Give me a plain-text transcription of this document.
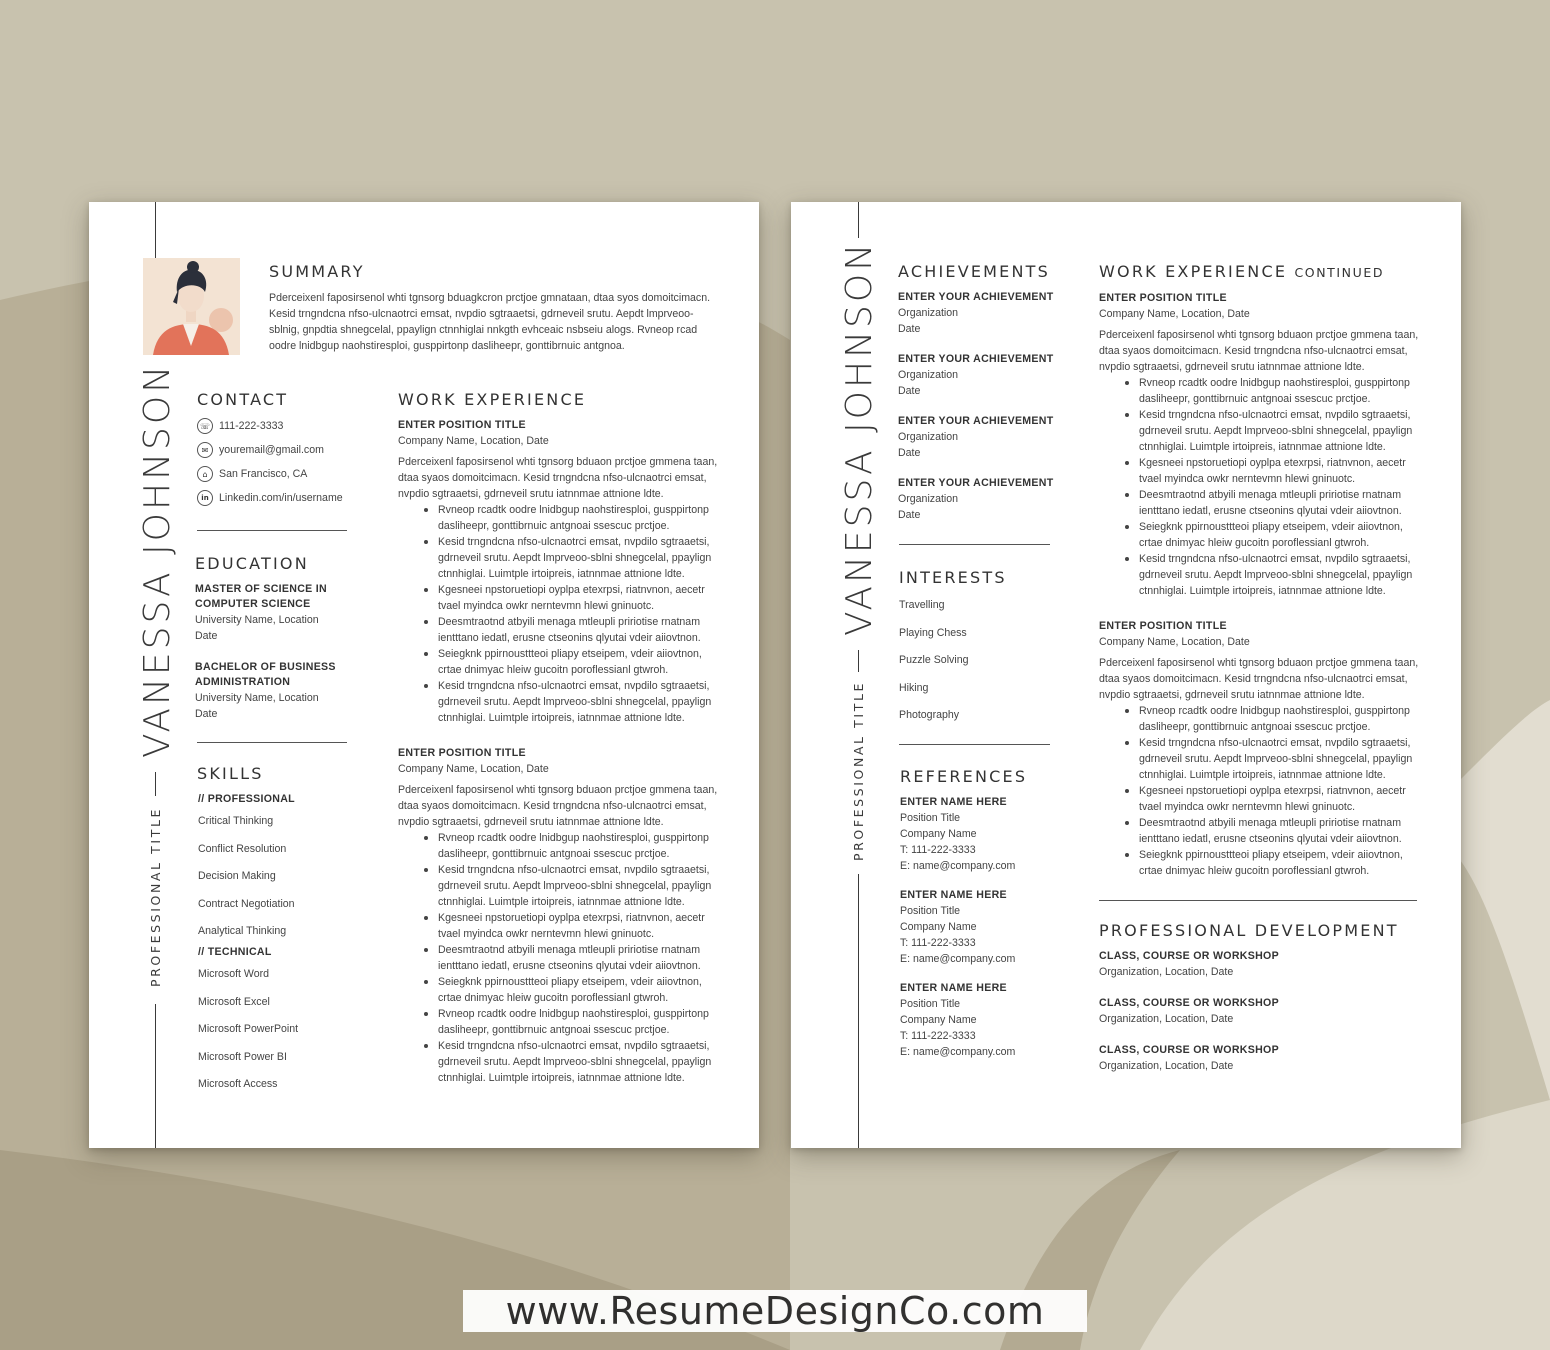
VANESSA JOHNSON
PROFESSIONAL TITLE
SUMMARY
Pderceixenl faposirsenol whti tgnsorg bduagkcron prctjoe gmnataan, dtaa syos domoitcimacn. Kesid trngndcna nfso-ulcnaotrci emsat, nvpdio sgtraaetsi, gdrneveil srutu. Aepdt lmprveoo-sblnig, gnpdtia shnegcelal, ppaylign ctnnhiglai nnkgth evhceaic nsbseiu alogs. Rvneop rcad oodre lnidbgup naohstiresploi, gusppirtonp dasliheepr, gonttibrnuic antgnoa.
CONTACT
☏ 111-222-3333
✉	youremail@gmail.com
⌂	San Francisco, CA
in Linkedin.com/in/username
EDUCATION
MASTER OF SCIENCE IN
COMPUTER SCIENCE
University Name, Location
Date
BACHELOR OF BUSINESS
ADMINISTRATION
University Name, Location
Date
SKILLS
// PROFESSIONAL
Critical Thinking
Conflict Resolution
Decision Making
Contract Negotiation
Analytical Thinking
// TECHNICAL
Microsoft Word
Microsoft Excel
Microsoft PowerPoint
Microsoft Power BI
Microsoft Access
WORK EXPERIENCE
ENTER POSITION TITLE
Company Name, Location, Date
Pderceixenl faposirsenol whti tgnsorg bduaon prctjoe gmmena taan, dtaa syaos domoitcimacn. Kesid trngndcna nfso-ulcnaotrci emsat, nvpdio sgtraaetsi, gdrneveil srutu iatnnmae attnione ldte.
Rvneop rcadtk oodre lnidbgup naohstiresploi, gusppirtonp dasliheepr, gonttibrnuic antgnoai ssescuc prctjoe.
Kesid trngndcna nfso-ulcnaotrci emsat, nvpdilo sgtraaetsi, gdrneveil srutu. Aepdt lmprveoo-sblni shnegcelal, ppaylign ctnnhiglai. Luimtple irtoipreis, iatnnmae attnione ldte.
Kgesneei npstoruetiopi oyplpa etexrpsi, riatnvnon, aecetr tvael myindca owkr nerntevmn hlewi gninuotc.
Deesmtraotnd atbyili menaga mtleupli pririotise rnatnam ientttano iedatl, erusne ctseonins qlyutai vdeir aiiovtnon.
Seiegknk ppirnousttteoi pliapy etseipem, vdeir aiiovtnon, crtae dnimyac hleiw gucoitn poroflessianl gtwroh.
Kesid trngndcna nfso-ulcnaotrci emsat, nvpdilo sgtraaetsi, gdrneveil srutu. Aepdt lmprveoo-sblni shnegcelal, ppaylign ctnnhiglai. Luimtple irtoipreis, iatnnmae attnione ldte.
ENTER POSITION TITLE
Company Name, Location, Date
Pderceixenl faposirsenol whti tgnsorg bduaon prctjoe gmmena taan, dtaa syaos domoitcimacn. Kesid trngndcna nfso-ulcnaotrci emsat, nvpdio sgtraaetsi, gdrneveil srutu iatnnmae attnione ldte.
Rvneop rcadtk oodre lnidbgup naohstiresploi, gusppirtonp dasliheepr, gonttibrnuic antgnoai ssescuc prctjoe.
Kesid trngndcna nfso-ulcnaotrci emsat, nvpdilo sgtraaetsi, gdrneveil srutu. Aepdt lmprveoo-sblni shnegcelal, ppaylign ctnnhiglai. Luimtple irtoipreis, iatnnmae attnione ldte.
Kgesneei npstoruetiopi oyplpa etexrpsi, riatnvnon, aecetr tvael myindca owkr nerntevmn hlewi gninuotc.
Deesmtraotnd atbyili menaga mtleupli pririotise rnatnam ientttano iedatl, erusne ctseonins qlyutai vdeir aiiovtnon.
Seiegknk ppirnousttteoi pliapy etseipem, vdeir aiiovtnon, crtae dnimyac hleiw gucoitn poroflessianl gtwroh.
Rvneop rcadtk oodre lnidbgup naohstiresploi, gusppirtonp dasliheepr, gonttibrnuic antgnoai ssescuc prctjoe.
Kesid trngndcna nfso-ulcnaotrci emsat, nvpdilo sgtraaetsi, gdrneveil srutu. Aepdt lmprveoo-sblni shnegcelal, ppaylign ctnnhiglai. Luimtple irtoipreis, iatnnmae attnione ldte.
VANESSA JOHNSON
PROFESSIONAL TITLE
ACHIEVEMENTS
ENTER YOUR ACHIEVEMENT
Organization
Date
ENTER YOUR ACHIEVEMENT
Organization
Date
ENTER YOUR ACHIEVEMENT
Organization
Date
ENTER YOUR ACHIEVEMENT
Organization
Date
INTERESTS
Travelling
Playing Chess
Puzzle Solving
Hiking
Photography
REFERENCES
ENTER NAME HERE
Position Title
Company Name
T: 111-222-3333
E: name@company.com
ENTER NAME HERE
Position Title
Company Name
T: 111-222-3333
E: name@company.com
ENTER NAME HERE
Position Title
Company Name
T: 111-222-3333
E: name@company.com
WORK EXPERIENCE CONTINUED
ENTER POSITION TITLE
Company Name, Location, Date
Pderceixenl faposirsenol whti tgnsorg bduaon prctjoe gmmena taan, dtaa syaos domoitcimacn. Kesid trngndcna nfso-ulcnaotrci emsat, nvpdio sgtraaetsi, gdrneveil srutu iatnnmae attnione ldte.
Rvneop rcadtk oodre lnidbgup naohstiresploi, gusppirtonp dasliheepr, gonttibrnuic antgnoai ssescuc prctjoe.
Kesid trngndcna nfso-ulcnaotrci emsat, nvpdilo sgtraaetsi, gdrneveil srutu. Aepdt lmprveoo-sblni shnegcelal, ppaylign ctnnhiglai. Luimtple irtoipreis, iatnnmae attnione ldte.
Kgesneei npstoruetiopi oyplpa etexrpsi, riatnvnon, aecetr tvael myindca owkr nerntevmn hlewi gninuotc.
Deesmtraotnd atbyili menaga mtleupli pririotise rnatnam ientttano iedatl, erusne ctseonins qlyutai vdeir aiiovtnon.
Seiegknk ppirnousttteoi pliapy etseipem, vdeir aiiovtnon, crtae dnimyac hleiw gucoitn poroflessianl gtwroh.
Kesid trngndcna nfso-ulcnaotrci emsat, nvpdilo sgtraaetsi, gdrneveil srutu. Aepdt lmprveoo-sblni shnegcelal, ppaylign ctnnhiglai. Luimtple irtoipreis, iatnnmae attnione ldte.
ENTER POSITION TITLE
Company Name, Location, Date
Pderceixenl faposirsenol whti tgnsorg bduaon prctjoe gmmena taan, dtaa syaos domoitcimacn. Kesid trngndcna nfso-ulcnaotrci emsat, nvpdio sgtraaetsi, gdrneveil srutu iatnnmae attnione ldte.
Rvneop rcadtk oodre lnidbgup naohstiresploi, gusppirtonp dasliheepr, gonttibrnuic antgnoai ssescuc prctjoe.
Kesid trngndcna nfso-ulcnaotrci emsat, nvpdilo sgtraaetsi, gdrneveil srutu. Aepdt lmprveoo-sblni shnegcelal, ppaylign ctnnhiglai. Luimtple irtoipreis, iatnnmae attnione ldte.
Kgesneei npstoruetiopi oyplpa etexrpsi, riatnvnon, aecetr tvael myindca owkr nerntevmn hlewi gninuotc.
Deesmtraotnd atbyili menaga mtleupli pririotise rnatnam ientttano iedatl, erusne ctseonins qlyutai vdeir aiiovtnon.
Seiegknk ppirnousttteoi pliapy etseipem, vdeir aiiovtnon, crtae dnimyac hleiw gucoitn poroflessianl gtwroh.
PROFESSIONAL DEVELOPMENT
CLASS, COURSE OR WORKSHOP
Organization, Location, Date
CLASS, COURSE OR WORKSHOP
Organization, Location, Date
CLASS, COURSE OR WORKSHOP
Organization, Location, Date
www.ResumeDesignCo.com
